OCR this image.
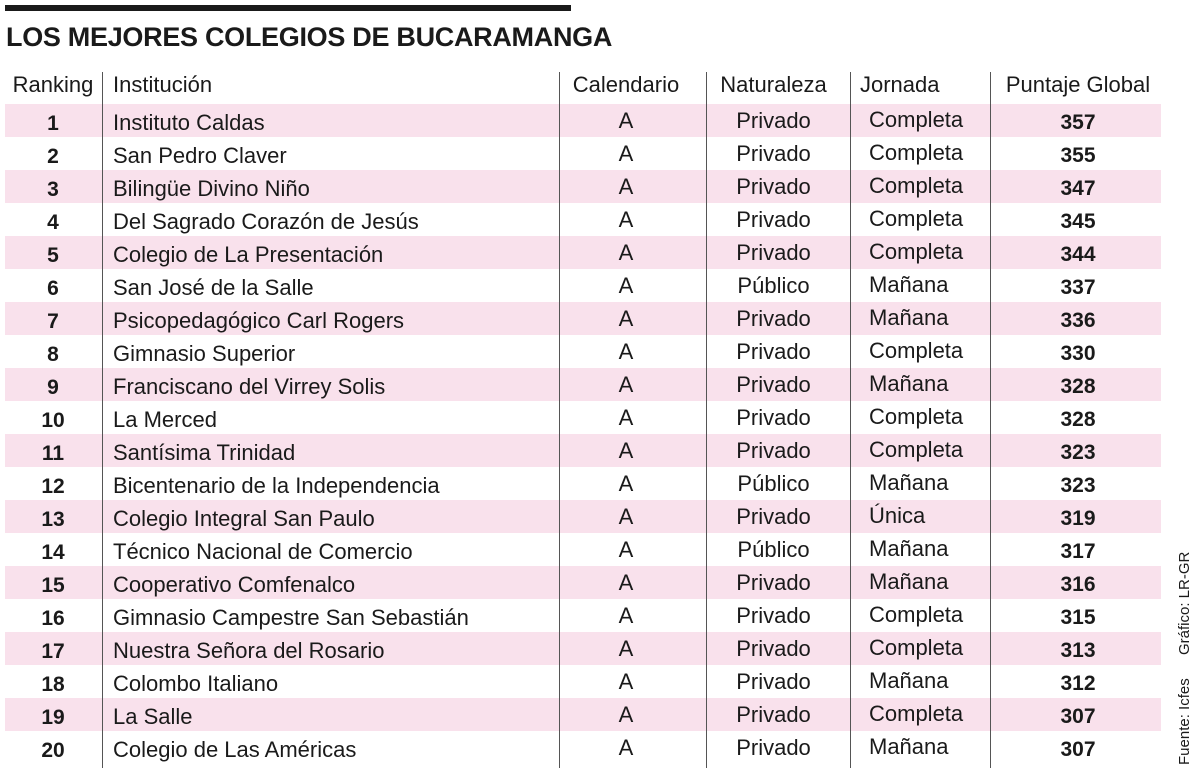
LOS MEJORES COLEGIOS DE BUCARAMANGA
Ranking Institución	Calendario	Naturaleza	Jornada	Puntaje Global
1	Instituto Caldas	A	Privado	Completa	357
2	San Pedro Claver	A	Privado	Completa	355
3	Bilingüe Divino Niño	A	Privado	Completa	347
4	Del Sagrado Corazón de Jesús	A	Privado	Completa	345
5	Colegio de La Presentación	A	Privado	Completa	344
6	San José de la Salle	A	Público	Mañana	337
7	Psicopedagógico Carl Rogers	A	Privado	Mañana	336
8	Gimnasio Superior	A	Privado	Completa	330
9	Franciscano del Virrey Solis	A	Privado	Mañana	328
10	La Merced	A	Privado	Completa	328
11	Santísima Trinidad	A	Privado	Completa	323
12	Bicentenario de la Independencia	A	Público	Mañana	323
13	Colegio Integral San Paulo	A	Privado	Única	319
14	Técnico Nacional de Comercio	A	Público	Mañana	317
15	Cooperativo Comfenalco	A	Privado	Mañana	316
16	Gimnasio Campestre San Sebastián	A	Privado	Completa	315
17	Nuestra Señora del Rosario	A	Privado	Completa	313
18	Colombo Italiano	A	Privado	Mañana	312
19	La Salle	A	Privado	Completa	307
20	Colegio de Las Américas	A	Privado	Mañana	307
Gráfico: LR-GR
Fuente: Icfes
